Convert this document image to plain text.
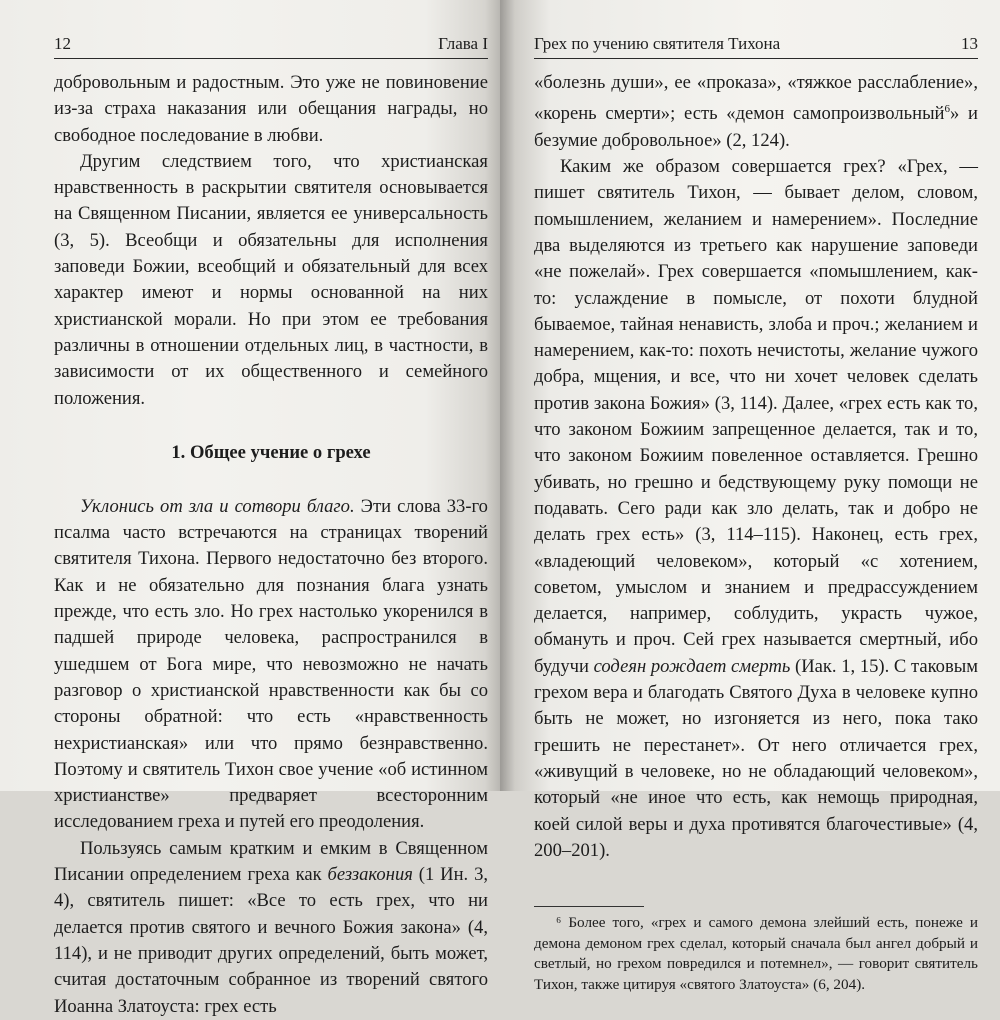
12	Глава I

добровольным и радостным. Это уже не повиновение из-за страха наказания или обещания награды, но свободное последование в любви.

Другим следствием того, что христианская нравственность в раскрытии святителя основывается на Священном Писании, является ее универсальность (3, 5). Всеобщи и обязательны для исполнения заповеди Божии, всеобщий и обязательный для всех характер имеют и нормы основанной на них христианской морали. Но при этом ее требования различны в отношении отдельных лиц, в частности, в зависимости от их общественного и семейного положения.

1. Общее учение о грехе

Уклонись от зла и сотвори благо. Эти слова 33-го псалма часто встречаются на страницах творений святителя Тихона. Первого недостаточно без второго. Как и не обязательно для познания блага узнать прежде, что есть зло. Но грех настолько укоренился в падшей природе человека, распространился в ушедшем от Бога мире, что невозможно не начать разговор о христианской нравственности как бы со стороны обратной: что есть «нравственность нехристианская» или что прямо безнравственно. Поэтому и святитель Тихон свое учение «об истинном христианстве» предваряет всесторонним исследованием греха и путей его преодоления.

Пользуясь самым кратким и емким в Священном Писании определением греха как беззакония (1 Ин. 3, 4), святитель пишет: «Все то есть грех, что ни делается против святого и вечного Божия закона» (4, 114), и не приводит других определений, быть может, считая достаточным собранное из творений святого Иоанна Златоуста: грех есть

Грех по учению святителя Тихона	13

«болезнь души», ее «проказа», «тяжкое расслабление», «корень смерти»; есть «демон самопроизвольный$^6$» и безумие добровольное» (2, 124).

Каким же образом совершается грех? «Грех, — пишет святитель Тихон, — бывает делом, словом, помышлением, желанием и намерением». Последние два выделяются из третьего как нарушение заповеди «не пожелай». Грех совершается «помышлением, как-то: услаждение в помысле, от похоти блудной бываемое, тайная ненависть, злоба и проч.; желанием и намерением, как-то: похоть нечистоты, желание чужого добра, мщения, и все, что ни хочет человек сделать против закона Божия» (3, 114). Далее, «грех есть как то, что законом Божиим запрещенное делается, так и то, что законом Божиим повеленное оставляется. Грешно убивать, но грешно и бедствующему руку помощи не подавать. Сего ради как зло делать, так и добро не делать грех есть» (3, 114–115). Наконец, есть грех, «владеющий человеком», который «с хотением, советом, умыслом и знанием и предрассуждением делается, например, соблудить, украсть чужое, обмануть и проч. Сей грех называется смертный, ибо будучи содеян рождает смерть (Иак. 1, 15). С таковым грехом вера и благодать Святого Духа в человеке купно быть не может, но изгоняется из него, пока тако грешить не перестанет». От него отличается грех, «живущий в человеке, но не обладающий человеком», который «не иное что есть, как немощь природная, коей силой веры и духа противятся благочестивые» (4, 200–201).

⁶ Более того, «грех и самого демона злейший есть, понеже и демона демоном грех сделал, который сначала был ангел добрый и светлый, но грехом повредился и потемнел», — говорит святитель Тихон, также цитируя «святого Златоуста» (6, 204).
